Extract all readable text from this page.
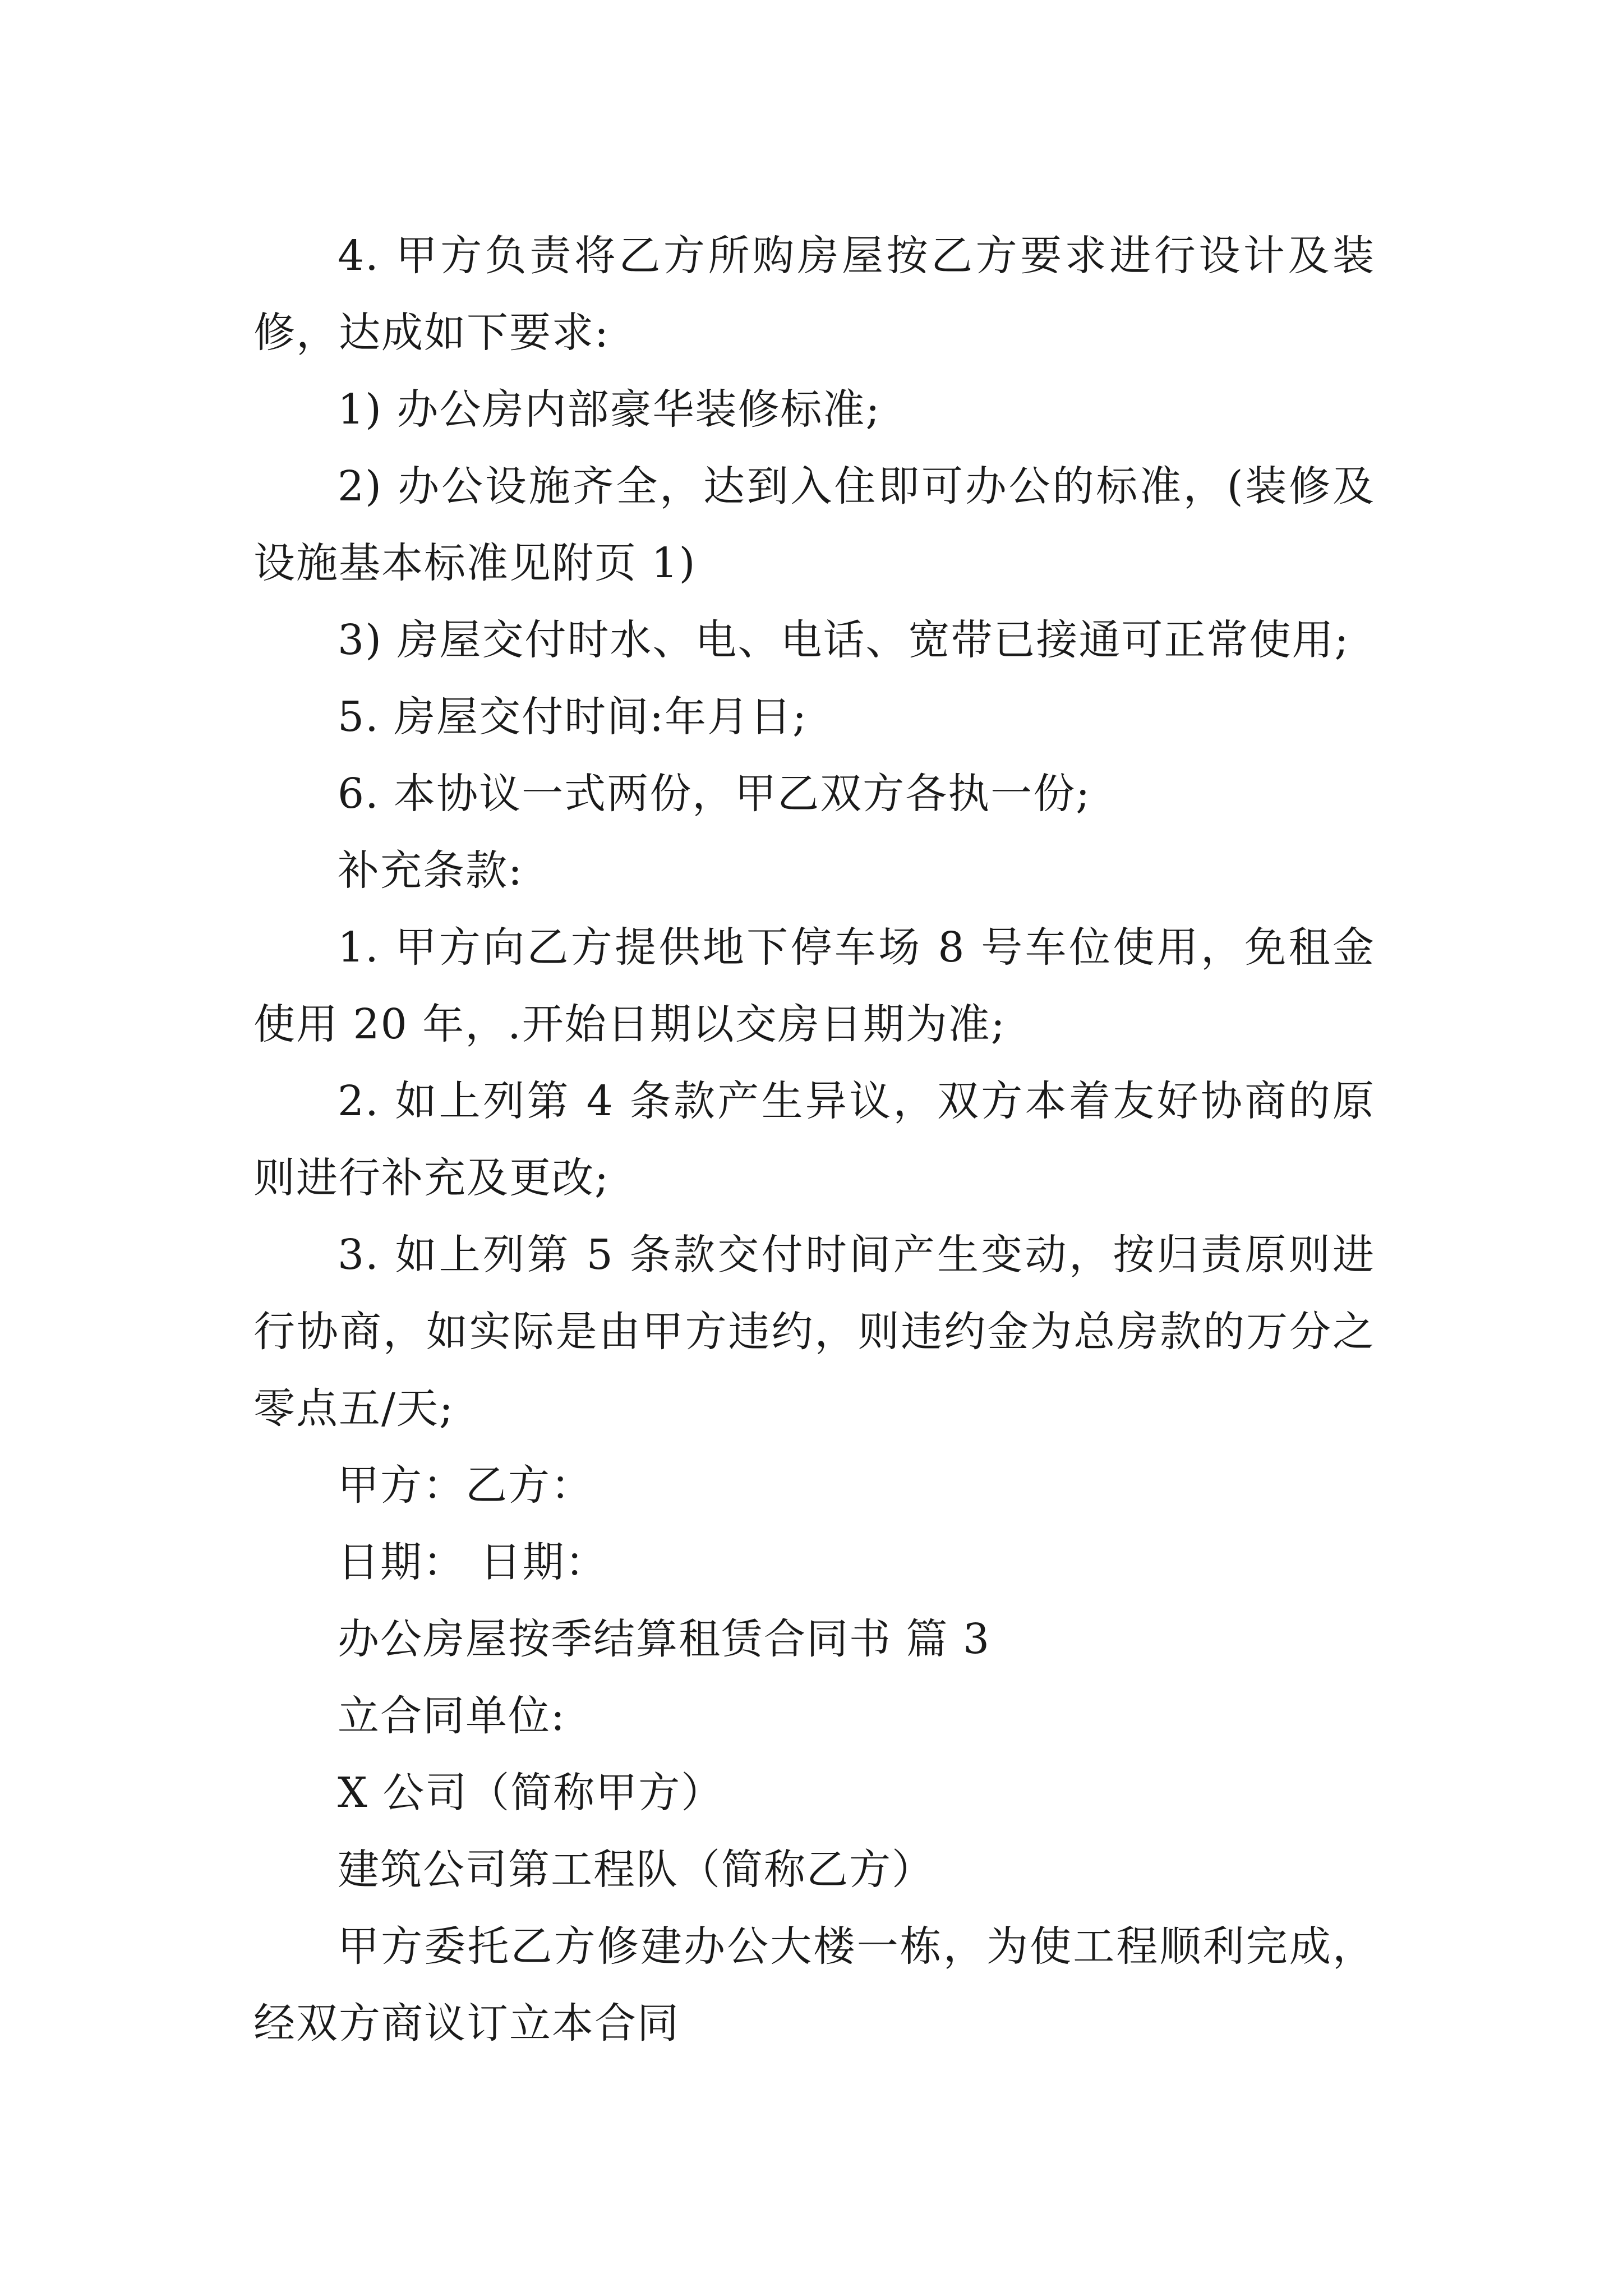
4. 甲方负责将乙方所购房屋按乙方要求进行设计及装修，达成如下要求:

1) 办公房内部豪华装修标准;

2) 办公设施齐全，达到入住即可办公的标准，(装修及设施基本标准见附页 1)

3) 房屋交付时水、电、电话、宽带已接通可正常使用;

5. 房屋交付时间:年月日;

6. 本协议一式两份，甲乙双方各执一份;

补充条款:

1. 甲方向乙方提供地下停车场 8 号车位使用，免租金使用 20 年，.开始日期以交房日期为准;

2. 如上列第 4 条款产生异议，双方本着友好协商的原则进行补充及更改;

3. 如上列第 5 条款交付时间产生变动，按归责原则进行协商，如实际是由甲方违约，则违约金为总房款的万分之零点五/天;

甲方：乙方：

日期： 日期：

办公房屋按季结算租赁合同书 篇 3

立合同单位:

X 公司（简称甲方）

建筑公司第工程队（简称乙方）

甲方委托乙方修建办公大楼一栋，为使工程顺利完成，经双方商议订立本合同
